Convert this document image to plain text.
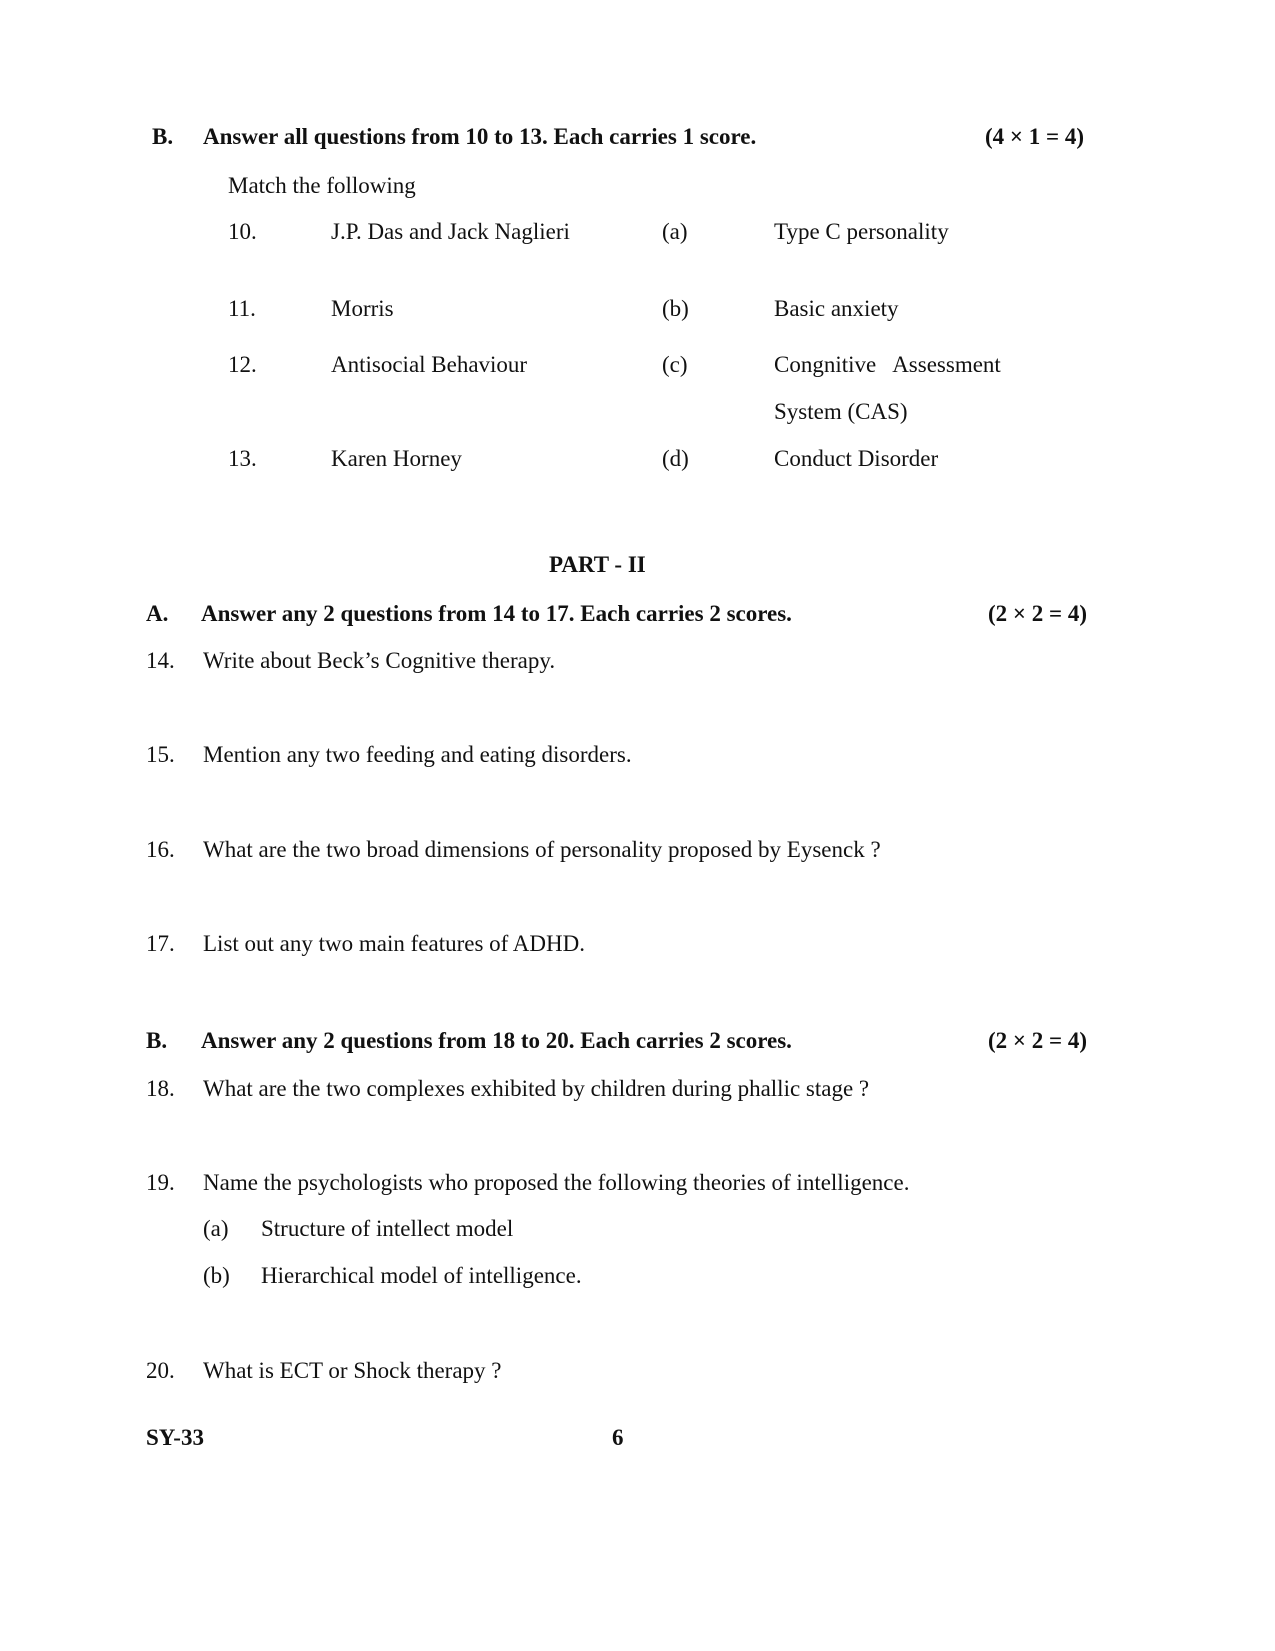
B. Answer all questions from 10 to 13. Each carries 1 score.	(4 × 1 = 4)
Match the following
10.	J.P. Das and Jack Naglieri	(a)	Type C personality
11.	Morris	(b)	Basic anxiety
12.	Antisocial Behaviour	(c)	Congnitive   Assessment
System (CAS)
13.	Karen Horney	(d)	Conduct Disorder
PART - II
A. Answer any 2 questions from 14 to 17. Each carries 2 scores.	(2 × 2 = 4)
14. Write about Beck’s Cognitive therapy.
15. Mention any two feeding and eating disorders.
16. What are the two broad dimensions of personality proposed by Eysenck ?
17. List out any two main features of ADHD.
B. Answer any 2 questions from 18 to 20. Each carries 2 scores.	(2 × 2 = 4)
18. What are the two complexes exhibited by children during phallic stage ?
19. Name the psychologists who proposed the following theories of intelligence.
(a) Structure of intellect model
(b) Hierarchical model of intelligence.
20. What is ECT or Shock therapy ?
SY-33	6
